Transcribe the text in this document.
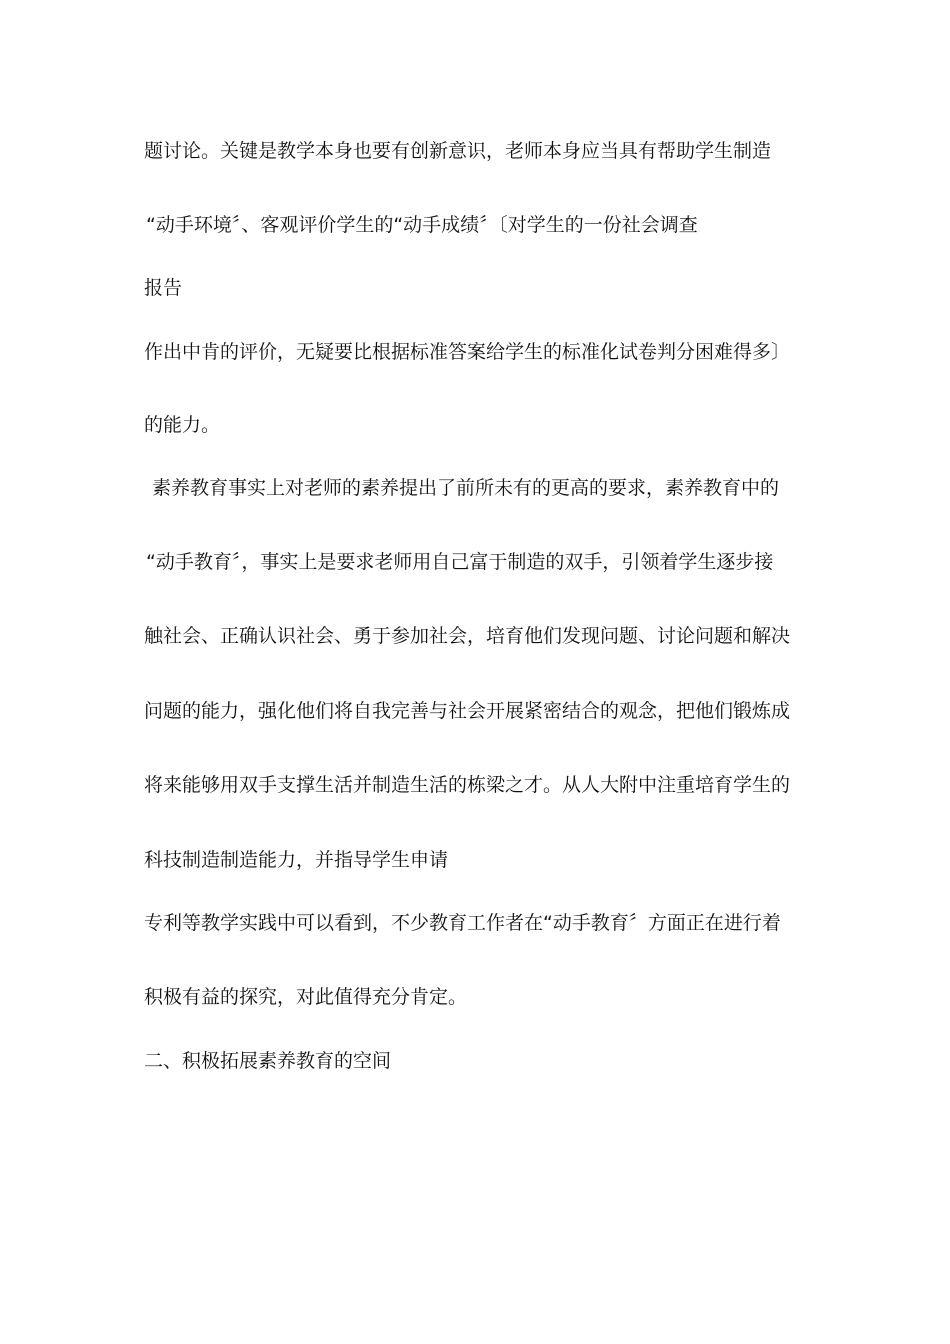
题讨论。关键是教学本身也要有创新意识，老师本身应当具有帮助学生制造
“动手环境〞、客观评价学生的“动手成绩〞〔对学生的一份社会调查
报告
作出中肯的评价，无疑要比根据标准答案给学生的标准化试卷判分困难得多〕
的能力。
素养教育事实上对老师的素养提出了前所未有的更高的要求，素养教育中的
“动手教育〞，事实上是要求老师用自己富于制造的双手，引领着学生逐步接
触社会、正确认识社会、勇于参加社会，培育他们发现问题、讨论问题和解决
问题的能力，强化他们将自我完善与社会开展紧密结合的观念，把他们锻炼成
将来能够用双手支撑生活并制造生活的栋梁之才。从人大附中注重培育学生的
科技制造制造能力，并指导学生申请
专利等教学实践中可以看到，不少教育工作者在“动手教育〞方面正在进行着
积极有益的探究，对此值得充分肯定。
二、积极拓展素养教育的空间
